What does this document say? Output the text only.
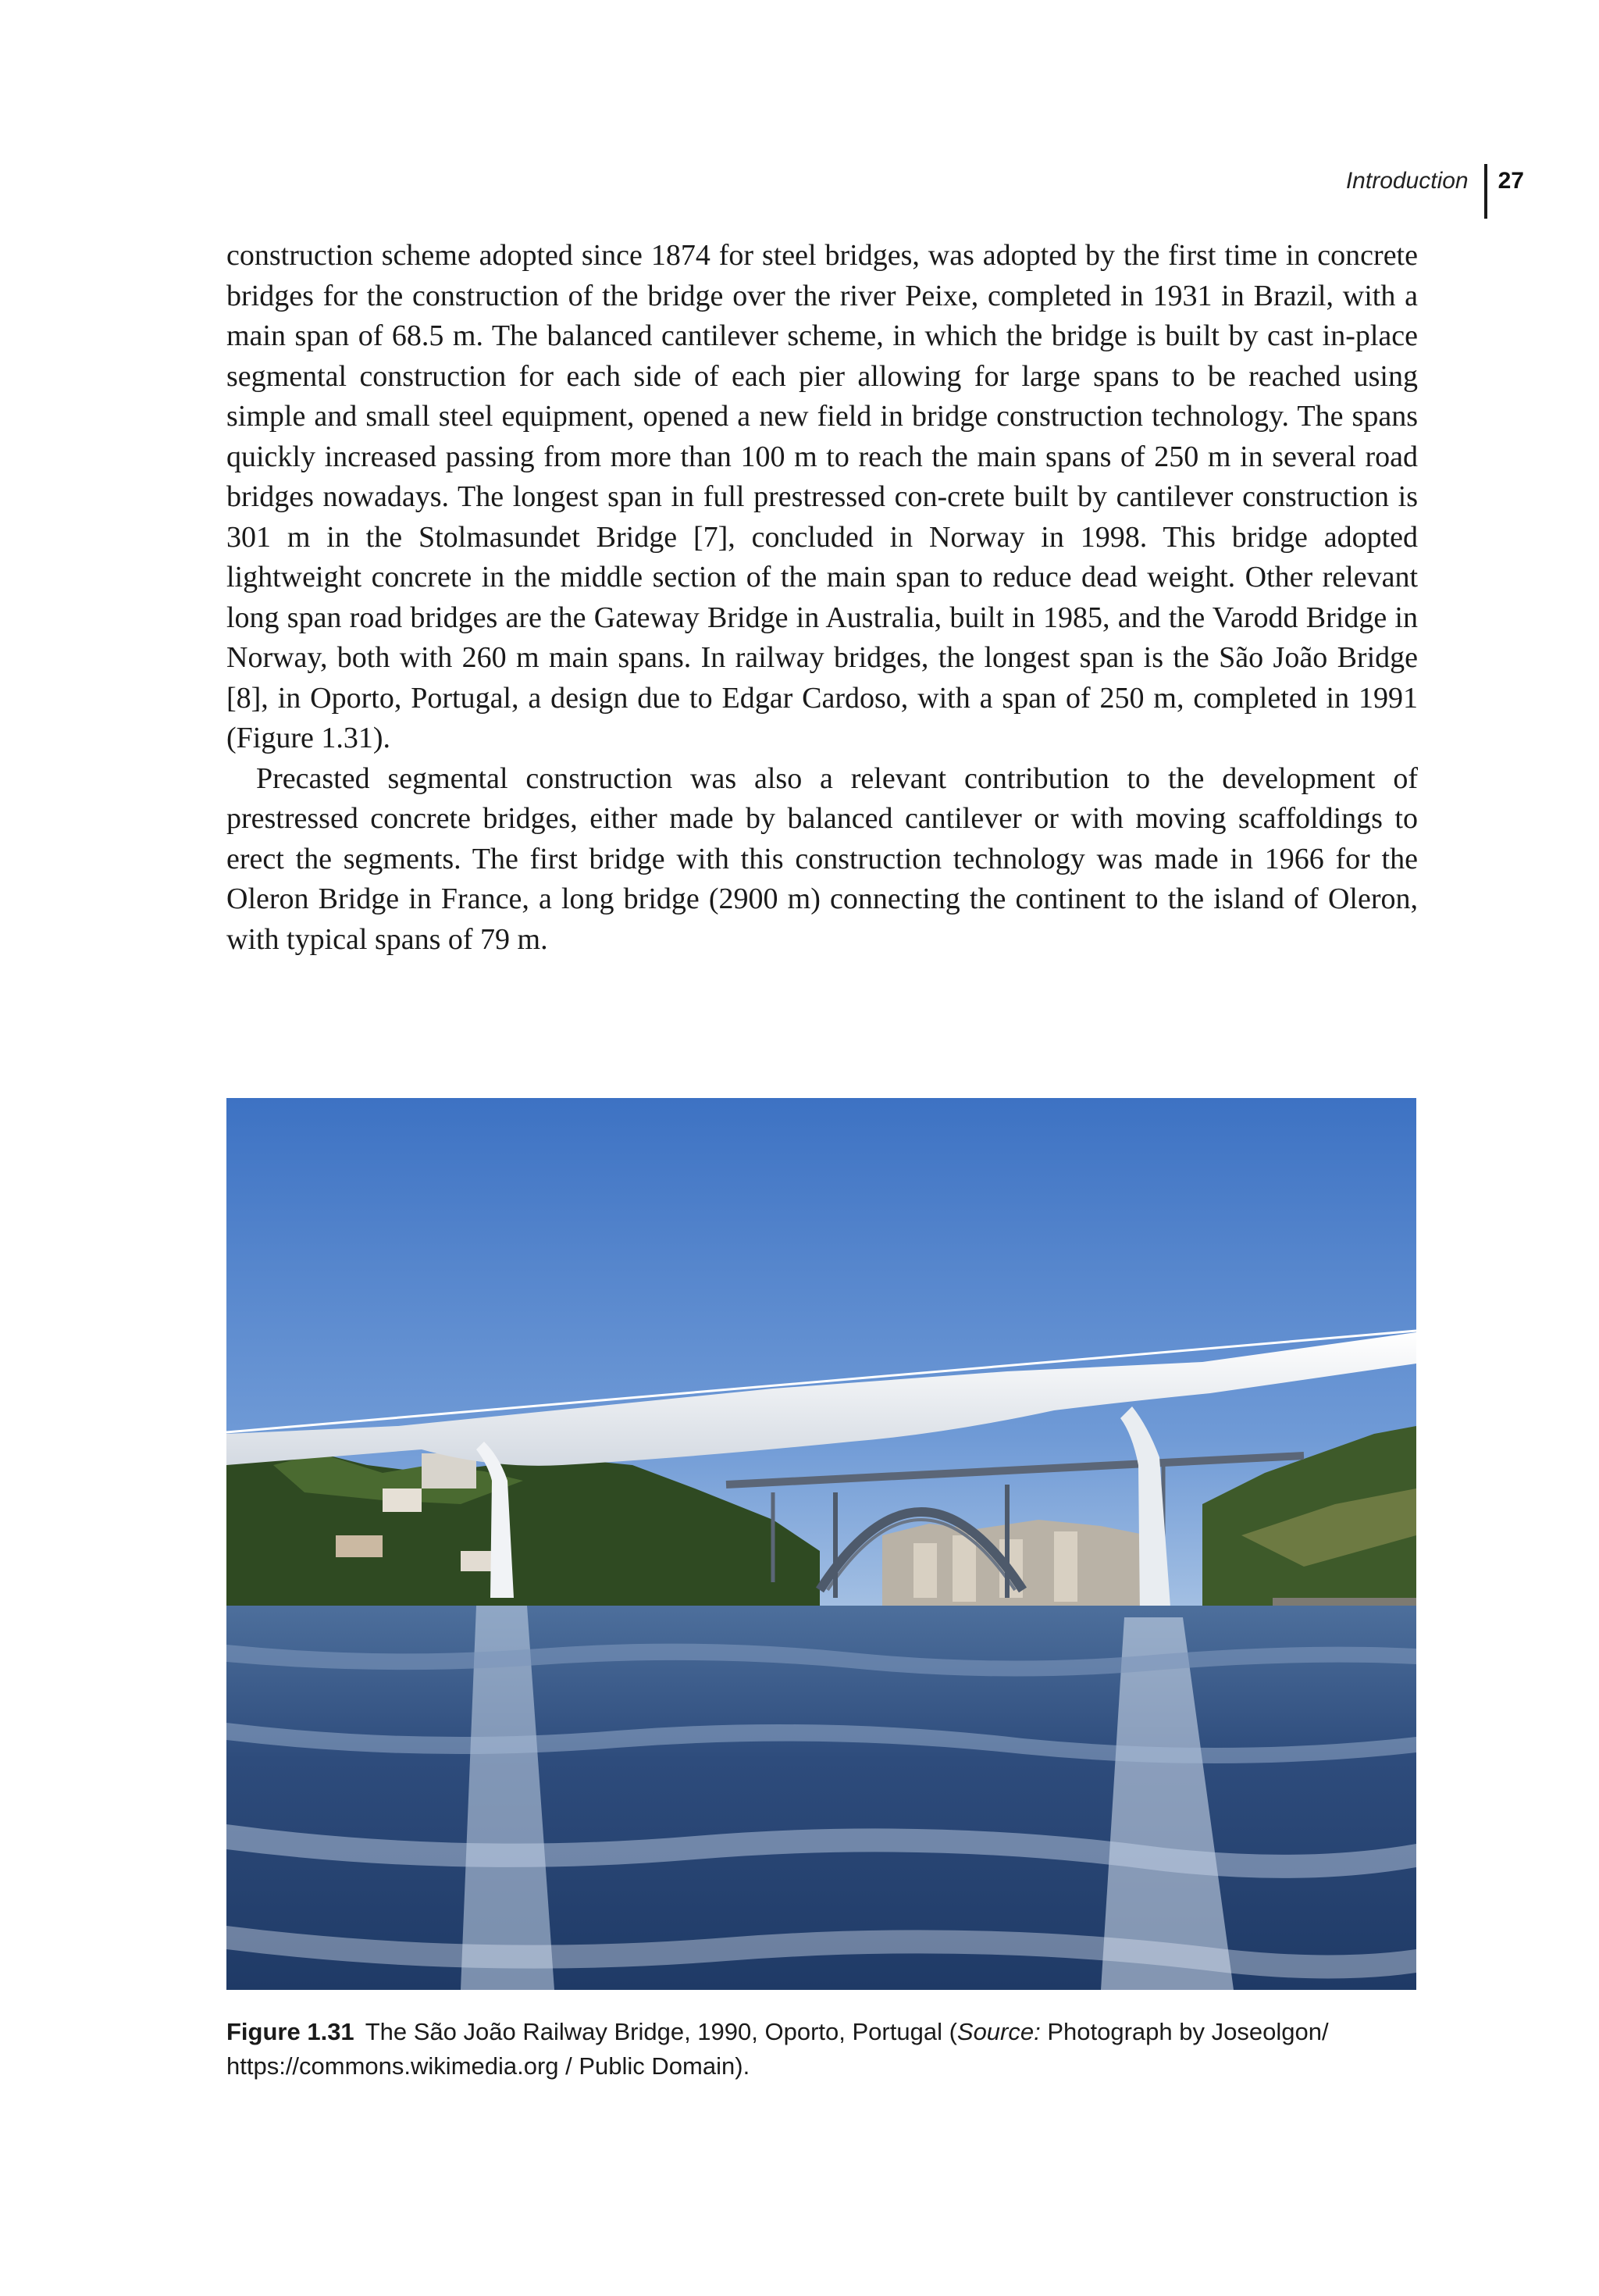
Introduction	27

construction scheme adopted since 1874 for steel bridges, was adopted by the first time in concrete bridges for the construction of the bridge over the river Peixe, completed in 1931 in Brazil, with a main span of 68.5 m. The balanced cantilever scheme, in which the bridge is built by cast in-place segmental construction for each side of each pier allowing for large spans to be reached using simple and small steel equipment, opened a new field in bridge construction technology. The spans quickly increased passing from more than 100 m to reach the main spans of 250 m in several road bridges nowadays. The longest span in full prestressed con-crete built by cantilever construction is 301 m in the Stolmasundet Bridge [7], concluded in Norway in 1998. This bridge adopted lightweight concrete in the middle section of the main span to reduce dead weight. Other relevant long span road bridges are the Gateway Bridge in Australia, built in 1985, and the Varodd Bridge in Norway, both with 260 m main spans. In railway bridges, the longest span is the São João Bridge [8], in Oporto, Portugal, a design due to Edgar Cardoso, with a span of 250 m, completed in 1991 (Figure 1.31).

Precasted segmental construction was also a relevant contribution to the development of prestressed concrete bridges, either made by balanced cantilever or with moving scaffoldings to erect the segments. The first bridge with this construction technology was made in 1966 for the Oleron Bridge in France, a long bridge (2900 m) connecting the continent to the island of Oleron, with typical spans of 79 m.

Figure 1.31 The São João Railway Bridge, 1990, Oporto, Portugal (Source: Photograph by Joseolgon/ https://commons.wikimedia.org / Public Domain).
